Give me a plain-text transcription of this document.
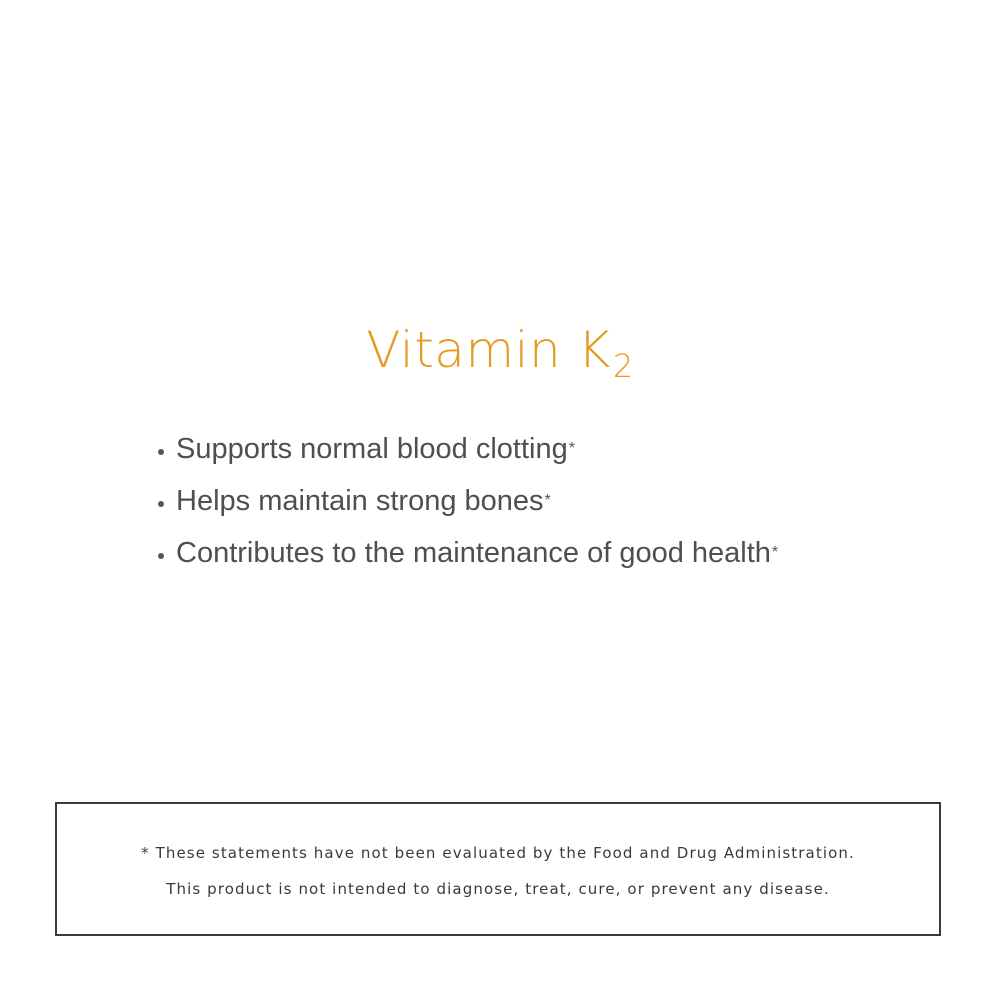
Vitamin $K_2$
Supports normal blood clotting *
Helps maintain strong bones *
Contributes to the maintenance of good health *
* These statements have not been evaluated by the Food and Drug Administration.
This product is not intended to diagnose, treat, cure, or prevent any disease.
